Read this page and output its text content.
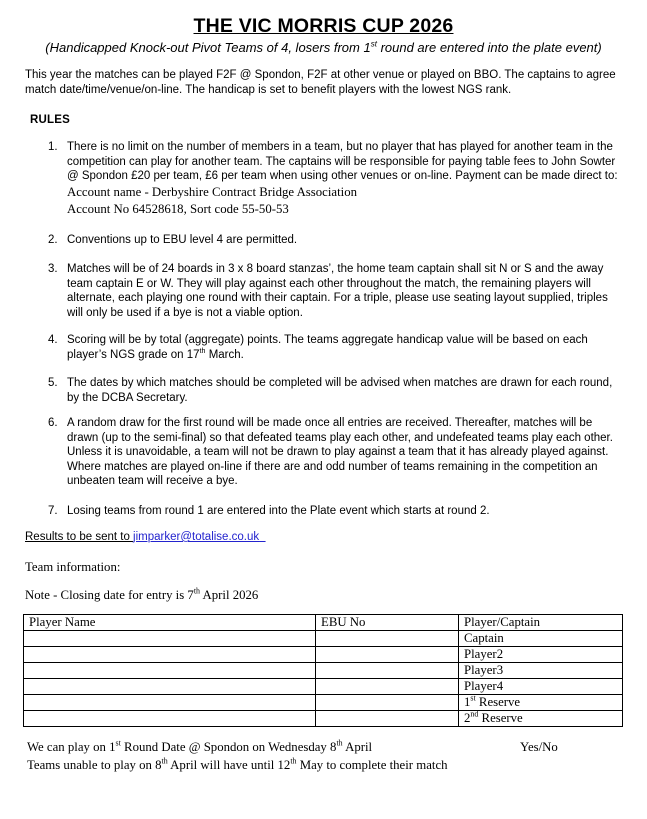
THE VIC MORRIS CUP 2026
(Handicapped Knock-out Pivot Teams of 4, losers from 1st round are entered into the plate event)
This year the matches can be played F2F @ Spondon, F2F at other venue or played on BBO. The captains to agree match date/time/venue/on-line. The handicap is set to benefit players with the lowest NGS rank.
RULES
1. There is no limit on the number of members in a team, but no player that has played for another team in the competition can play for another team. The captains will be responsible for paying table fees to John Sowter @ Spondon £20 per team, £6 per team when using other venues or on-line. Payment can be made direct to:
Account name - Derbyshire Contract Bridge Association
Account No 64528618, Sort code 55-50-53
2. Conventions up to EBU level 4 are permitted.
3. Matches will be of 24 boards in 3 x 8 board stanzas’, the home team captain shall sit N or S and the away team captain E or W. They will play against each other throughout the match, the remaining players will alternate, each playing one round with their captain. For a triple, please use seating layout supplied, triples will only be used if a bye is not a viable option.
4. Scoring will be by total (aggregate) points. The teams aggregate handicap value will be based on each player’s NGS grade on 17th March.
5. The dates by which matches should be completed will be advised when matches are drawn for each round, by the DCBA Secretary.
6. A random draw for the first round will be made once all entries are received. Thereafter, matches will be drawn (up to the semi-final) so that defeated teams play each other, and undefeated teams play each other. Unless it is unavoidable, a team will not be drawn to play against a team that it has already played against. Where matches are played on-line if there are and odd number of teams remaining in the competition an unbeaten team will receive a bye.
7. Losing teams from round 1 are entered into the Plate event which starts at round 2.
Results to be sent to jimparker@totalise.co.uk
Team information:
Note - Closing date for entry is 7th April 2026
Player Name	EBU No	Player/Captain
		Captain
		Player2
		Player3
		Player4
		1st Reserve
		2nd Reserve
We can play on 1st Round Date @ Spondon on Wednesday 8th April	Yes/No
Teams unable to play on 8th April will have until 12th May to complete their match
